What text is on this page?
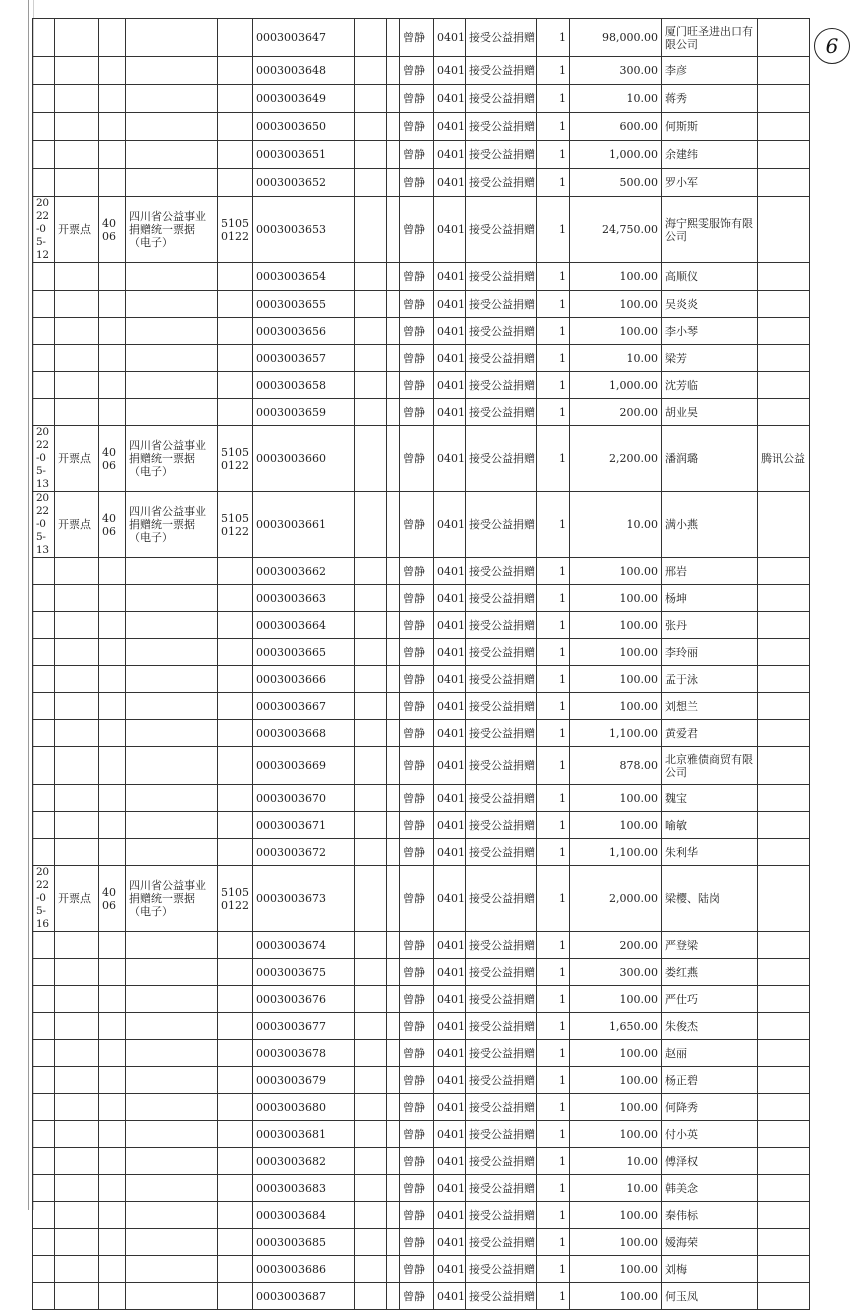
					0003003647			曾静	0401	接受公益捐赠	1	98,000.00	厦门旺圣进出口有限公司	
					0003003648			曾静	0401	接受公益捐赠	1	300.00	李彦	
					0003003649			曾静	0401	接受公益捐赠	1	10.00	蒋秀	
					0003003650			曾静	0401	接受公益捐赠	1	600.00	何斯斯	
					0003003651			曾静	0401	接受公益捐赠	1	1,000.00	余建纬	
					0003003652			曾静	0401	接受公益捐赠	1	500.00	罗小军	
2022-05-12	开票点	4006	四川省公益事业捐赠统一票据（电子）	51050122	0003003653			曾静	0401	接受公益捐赠	1	24,750.00	海宁熙雯服饰有限公司	
					0003003654			曾静	0401	接受公益捐赠	1	100.00	高顺仪	
					0003003655			曾静	0401	接受公益捐赠	1	100.00	吴炎炎	
					0003003656			曾静	0401	接受公益捐赠	1	100.00	李小琴	
					0003003657			曾静	0401	接受公益捐赠	1	10.00	梁芳	
					0003003658			曾静	0401	接受公益捐赠	1	1,000.00	沈芳临	
					0003003659			曾静	0401	接受公益捐赠	1	200.00	胡业昊	
2022-05-13	开票点	4006	四川省公益事业捐赠统一票据（电子）	51050122	0003003660			曾静	0401	接受公益捐赠	1	2,200.00	潘润璐	腾讯公益
2022-05-13	开票点	4006	四川省公益事业捐赠统一票据（电子）	51050122	0003003661			曾静	0401	接受公益捐赠	1	10.00	满小燕	
					0003003662			曾静	0401	接受公益捐赠	1	100.00	邢岩	
					0003003663			曾静	0401	接受公益捐赠	1	100.00	杨坤	
					0003003664			曾静	0401	接受公益捐赠	1	100.00	张丹	
					0003003665			曾静	0401	接受公益捐赠	1	100.00	李玲丽	
					0003003666			曾静	0401	接受公益捐赠	1	100.00	孟于泳	
					0003003667			曾静	0401	接受公益捐赠	1	100.00	刘想兰	
					0003003668			曾静	0401	接受公益捐赠	1	1,100.00	黄爱君	
					0003003669			曾静	0401	接受公益捐赠	1	878.00	北京雅债商贸有限公司	
					0003003670			曾静	0401	接受公益捐赠	1	100.00	魏宝	
					0003003671			曾静	0401	接受公益捐赠	1	100.00	喻敏	
					0003003672			曾静	0401	接受公益捐赠	1	1,100.00	朱利华	
2022-05-16	开票点	4006	四川省公益事业捐赠统一票据（电子）	51050122	0003003673			曾静	0401	接受公益捐赠	1	2,000.00	梁樱、陆岗	
					0003003674			曾静	0401	接受公益捐赠	1	200.00	严登梁	
					0003003675			曾静	0401	接受公益捐赠	1	300.00	娄红燕	
					0003003676			曾静	0401	接受公益捐赠	1	100.00	严仕巧	
					0003003677			曾静	0401	接受公益捐赠	1	1,650.00	朱俊杰	
					0003003678			曾静	0401	接受公益捐赠	1	100.00	赵丽	
					0003003679			曾静	0401	接受公益捐赠	1	100.00	杨正碧	
					0003003680			曾静	0401	接受公益捐赠	1	100.00	何降秀	
					0003003681			曾静	0401	接受公益捐赠	1	100.00	付小英	
					0003003682			曾静	0401	接受公益捐赠	1	10.00	傅泽权	
					0003003683			曾静	0401	接受公益捐赠	1	10.00	韩美念	
					0003003684			曾静	0401	接受公益捐赠	1	100.00	秦伟标	
					0003003685			曾静	0401	接受公益捐赠	1	100.00	嫒海荣	
					0003003686			曾静	0401	接受公益捐赠	1	100.00	刘梅	
					0003003687			曾静	0401	接受公益捐赠	1	100.00	何玉凤	
6
